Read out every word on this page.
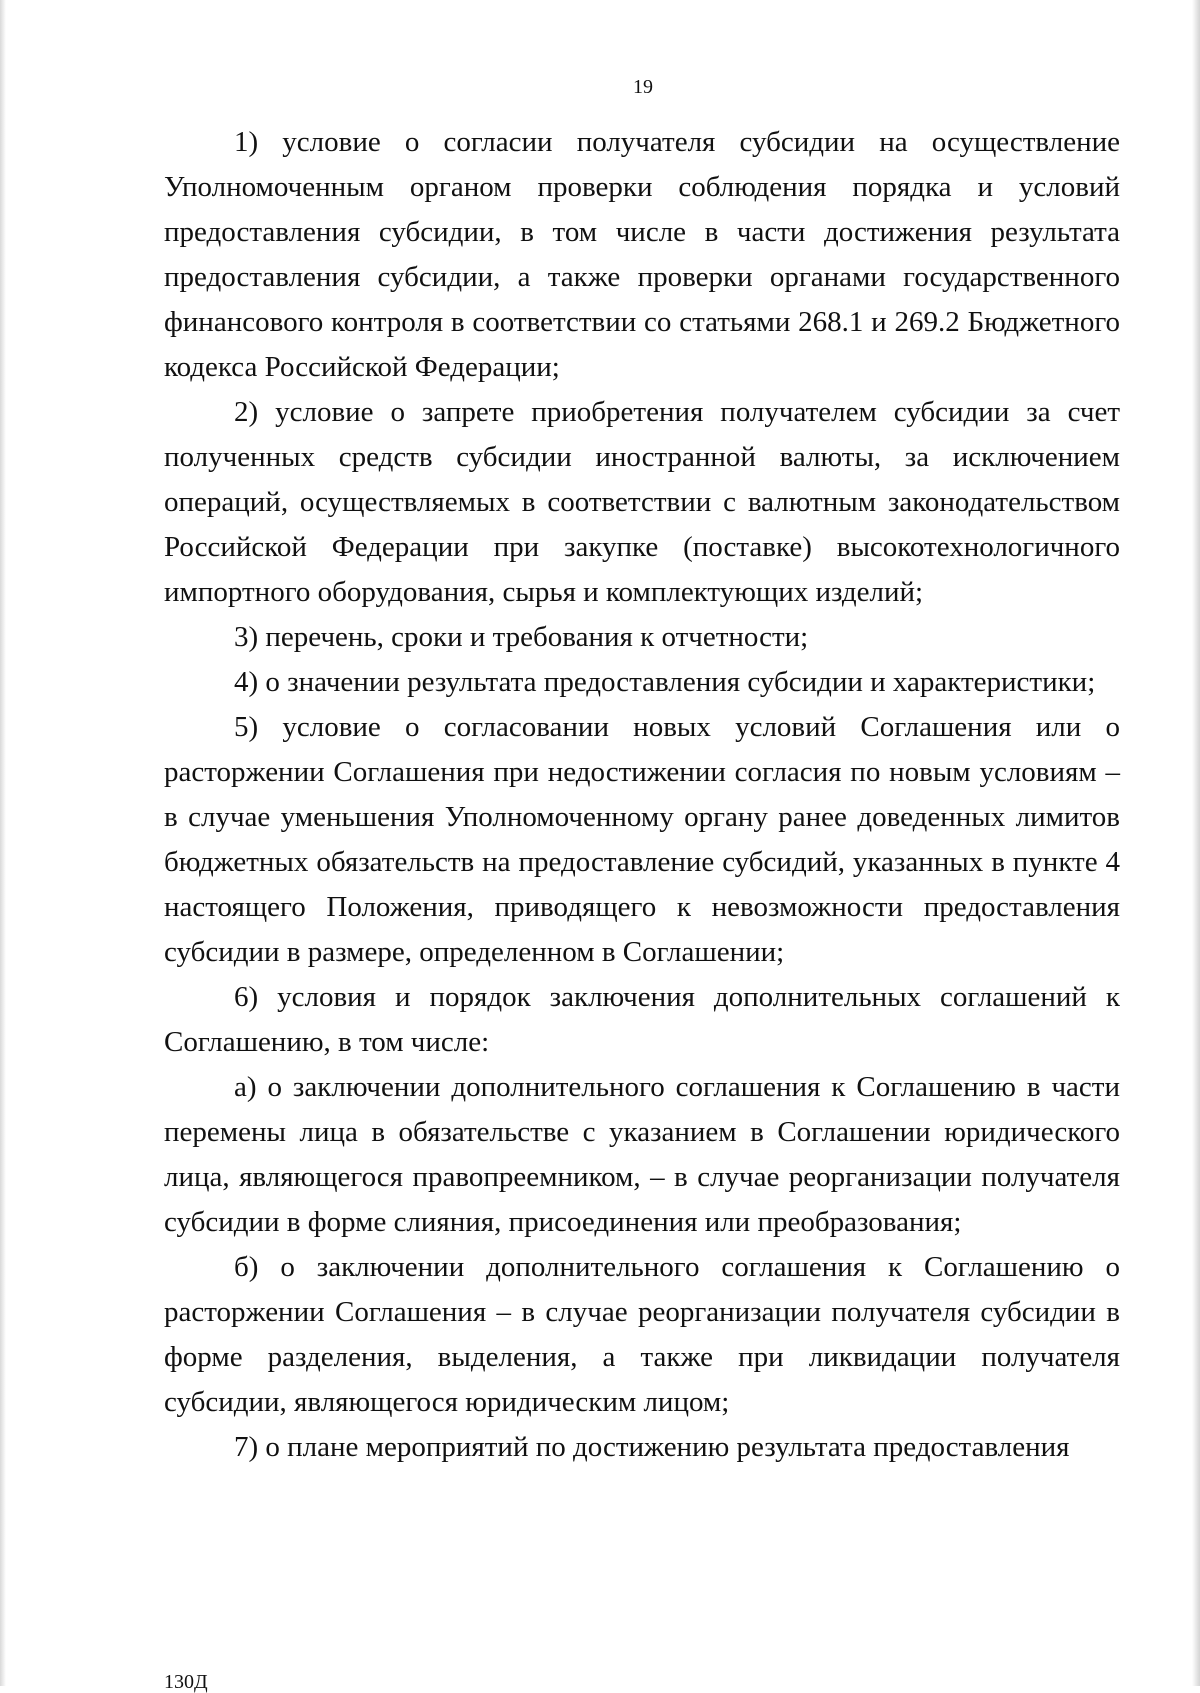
19

1) условие о согласии получателя субсидии на осуществление Уполномоченным органом проверки соблюдения порядка и условий предоставления субсидии, в том числе в части достижения результата предоставления субсидии, а также проверки органами государственного финансового контроля в соответствии со статьями 268.1 и 269.2 Бюджетного кодекса Российской Федерации;

2) условие о запрете приобретения получателем субсидии за счет полученных средств субсидии иностранной валюты, за исключением операций, осуществляемых в соответствии с валютным законодательством Российской Федерации при закупке (поставке) высокотехнологичного импортного оборудования, сырья и комплектующих изделий;

3) перечень, сроки и требования к отчетности;

4) о значении результата предоставления субсидии и характеристики;

5) условие о согласовании новых условий Соглашения или о расторжении Соглашения при недостижении согласия по новым условиям – в случае уменьшения Уполномоченному органу ранее доведенных лимитов бюджетных обязательств на предоставление субсидий, указанных в пункте 4 настоящего Положения, приводящего к невозможности предоставления субсидии в размере, определенном в Соглашении;

6) условия и порядок заключения дополнительных соглашений к Соглашению, в том числе:

а) о заключении дополнительного соглашения к Соглашению в части перемены лица в обязательстве с указанием в Соглашении юридического лица, являющегося правопреемником, – в случае реорганизации получателя субсидии в форме слияния, присоединения или преобразования;

б) о заключении дополнительного соглашения к Соглашению о расторжении Соглашения – в случае реорганизации получателя субсидии в форме разделения, выделения, а также при ликвидации получателя субсидии, являющегося юридическим лицом;

7) о плане мероприятий по достижению результата предоставления

130Д
